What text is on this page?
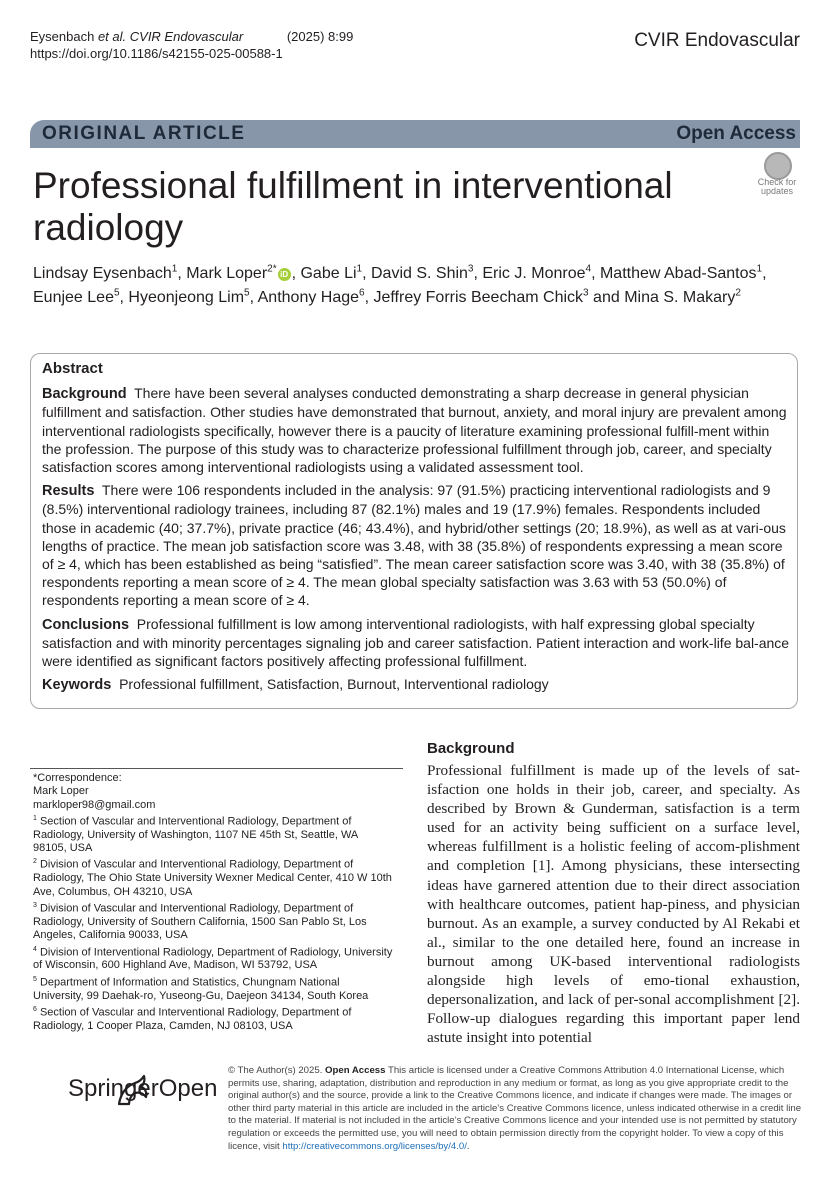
Eysenbach et al. CVIR Endovascular	(2025) 8:99
https://doi.org/10.1186/s42155-025-00588-1
CVIR Endovascular
ORIGINAL ARTICLE	Open Access
Check for
updates
Professional fulfillment in interventional radiology
Lindsay Eysenbach$^1$, Mark Loper$^{2*}$ iD , Gabe Li$^1$, David S. Shin$^3$, Eric J. Monroe$^4$, Matthew Abad-Santos$^1$, Eunjee Lee$^5$, Hyeonjeong Lim$^5$, Anthony Hage$^6$, Jeffrey Forris Beecham Chick$^3$ and Mina S. Makary$^2$
Abstract

Background There have been several analyses conducted demonstrating a sharp decrease in general physician fulfillment and satisfaction. Other studies have demonstrated that burnout, anxiety, and moral injury are prevalent among interventional radiologists specifically, however there is a paucity of literature examining professional fulfill-ment within the profession. The purpose of this study was to characterize professional fulfillment through job, career, and specialty satisfaction scores among interventional radiologists using a validated assessment tool.

Results There were 106 respondents included in the analysis: 97 (91.5%) practicing interventional radiologists and 9 (8.5%) interventional radiology trainees, including 87 (82.1%) males and 19 (17.9%) females. Respondents included those in academic (40; 37.7%), private practice (46; 43.4%), and hybrid/other settings (20; 18.9%), as well as at vari-ous lengths of practice. The mean job satisfaction score was 3.48, with 38 (35.8%) of respondents expressing a mean score of ≥ 4, which has been established as being “satisfied”. The mean career satisfaction score was 3.40, with 38 (35.8%) of respondents reporting a mean score of ≥ 4. The mean global specialty satisfaction was 3.63 with 53 (50.0%) of respondents reporting a mean score of ≥ 4.

Conclusions Professional fulfillment is low among interventional radiologists, with half expressing global specialty satisfaction and with minority percentages signaling job and career satisfaction. Patient interaction and work-life bal-ance were identified as significant factors positively affecting professional fulfillment.

Keywords Professional fulfillment, Satisfaction, Burnout, Interventional radiology

*Correspondence:
Mark Loper
markloper98@gmail.com
$^1$ Section of Vascular and Interventional Radiology, Department of Radiology, University of Washington, 1107 NE 45th St, Seattle, WA 98105, USA
$^2$ Division of Vascular and Interventional Radiology, Department of Radiology, The Ohio State University Wexner Medical Center, 410 W 10th Ave, Columbus, OH 43210, USA
$^3$ Division of Vascular and Interventional Radiology, Department of Radiology, University of Southern California, 1500 San Pablo St, Los Angeles, California 90033, USA
$^4$ Division of Interventional Radiology, Department of Radiology, University of Wisconsin, 600 Highland Ave, Madison, WI 53792, USA
$^5$ Department of Information and Statistics, Chungnam National University, 99 Daehak-ro, Yuseong-Gu, Daejeon 34134, South Korea
$^6$ Section of Vascular and Interventional Radiology, Department of Radiology, 1 Cooper Plaza, Camden, NJ 08103, USA
Background
Professional fulfillment is made up of the levels of sat-isfaction one holds in their job, career, and specialty. As described by Brown & Gunderman, satisfaction is a term used for an activity being sufficient on a surface level, whereas fulfillment is a holistic feeling of accom-plishment and completion [1]. Among physicians, these intersecting ideas have garnered attention due to their direct association with healthcare outcomes, patient hap-piness, and physician burnout. As an example, a survey conducted by Al Rekabi et al., similar to the one detailed here, found an increase in burnout among UK-based interventional radiologists alongside high levels of emo-tional exhaustion, depersonalization, and lack of per-sonal accomplishment [2]. Follow-up dialogues regarding this important paper lend astute insight into potential
SpringerOpen
© The Author(s) 2025. Open Access This article is licensed under a Creative Commons Attribution 4.0 International License, which permits use, sharing, adaptation, distribution and reproduction in any medium or format, as long as you give appropriate credit to the original author(s) and the source, provide a link to the Creative Commons licence, and indicate if changes were made. The images or other third party material in this article are included in the article’s Creative Commons licence, unless indicated otherwise in a credit line to the material. If material is not included in the article’s Creative Commons licence and your intended use is not permitted by statutory regulation or exceeds the permitted use, you will need to obtain permission directly from the copyright holder. To view a copy of this licence, visit http://creativecommons.org/licenses/by/4.0/.
